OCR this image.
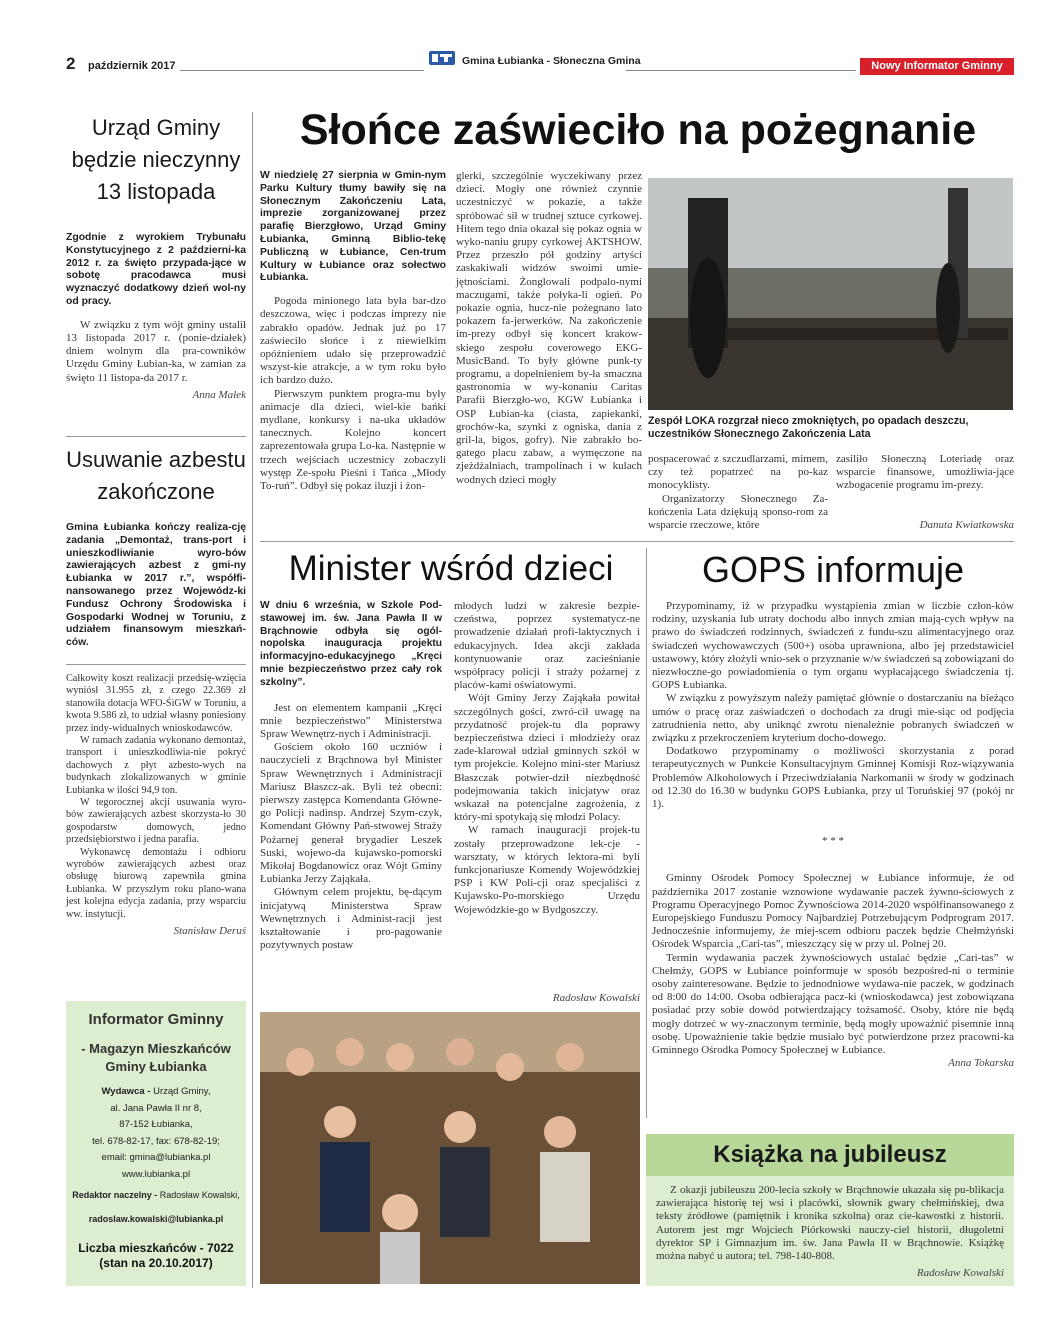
2 październik 2017	Gmina Łubianka - Słoneczna Gmina	Nowy Informator Gminny
Urząd Gminy
będzie nieczynny
13 listopada

Zgodnie z wyrokiem Trybunału Konstytucyjnego z 2 październi-ka 2012 r. za święto przypada-jące w sobotę pracodawca musi wyznaczyć dodatkowy dzień wol-ny od pracy.

W związku z tym wójt gminy ustalił 13 listopada 2017 r. (ponie-działek) dniem wolnym dla pra-cowników Urzędu Gminy Łubian-ka, w zamian za święto 11 listopa-da 2017 r.

Anna Małek

Usuwanie azbestu
zakończone

Gmina Łubianka kończy realiza-cję zadania „Demontaż, trans-port i unieszkodliwianie wyro-bów zawierających azbest z gmi-ny Łubianka w 2017 r.”, współfi-nansowanego przez Wojewódz-ki Fundusz Ochrony Środowiska i Gospodarki Wodnej w Toruniu, z udziałem finansowym mieszkań-ców.

Całkowity koszt realizacji przedsię-wzięcia wyniósł 31.955 zł, z czego 22.369 zł stanowiła dotacja WFO-ŚiGW w Toruniu, a kwota 9.586 zł, to udział własny poniesiony przez indy-widualnych wnioskodawców.

W ramach zadania wykonano demontaż, transport i unieszkodliwia-nie pokryć dachowych z płyt azbesto-wych na budynkach zlokalizowanych w gminie Łubianka w ilości 94,9 ton.

W tegorocznej akcji usuwania wyro-bów zawierających azbest skorzysta-ło 30 gospodarstw domowych, jedno przedsiębiorstwo i jedna parafia.

Wykonawcę demontażu i odbioru wyrobów zawierających azbest oraz obsługę biurową zapewniła gmina Łubianka. W przyszłym roku plano-wana jest kolejna edycja zadania, przy wsparciu ww. instytucji.

Stanisław Deruś

Informator Gminny
- Magazyn Mieszkańców
Gminy Łubianka
Wydawca - Urząd Gminy,
al. Jana Pawła II nr 8,
87-152 Łubianka,
tel. 678-82-17, fax: 678-82-19;
email: gmina@lubianka.pl
www.lubianka.pl
Redaktor naczelny - Radosław Kowalski,
radoslaw.kowalski@lubianka.pl
Liczba mieszkańców - 7022
(stan na 20.10.2017)
Słońce zaświeciło na pożegnanie

W niedzielę 27 sierpnia w Gmin-nym Parku Kultury tłumy bawiły się na Słonecznym Zakończeniu Lata, imprezie zorganizowanej przez parafię Bierzgłowo, Urząd Gminy Łubianka, Gminną Biblio-tekę Publiczną w Łubiance, Cen-trum Kultury w Łubiance oraz sołectwo Łubianka.

Pogoda minionego lata była bar-dzo deszczowa, więc i podczas imprezy nie zabrakło opadów. Jednak już po 17 zaświeciło słońce i z niewielkim opóźnieniem udało się przeprowadzić wszyst-kie atrakcje, a w tym roku było ich bardzo dużo.

Pierwszym punktem progra-mu były animacje dla dzieci, wiel-kie bańki mydlane, konkursy i na-uka układów tanecznych. Kolejno koncert zaprezentowała grupa Lo-ka. Następnie w trzech wejściach uczestnicy zobaczyli występ Ze-społu Pieśni i Tańca „Młody To-ruń”. Odbył się pokaz iluzji i żon-

glerki, szczególnie wyczekiwany przez dzieci. Mogły one również czynnie uczestniczyć w pokazie, a także spróbować sił w trudnej sztuce cyrkowej. Hitem tego dnia okazał się pokaz ognia w wyko-naniu grupy cyrkowej AKTSHOW. Przez przeszło pół godziny artyści zaskakiwali widzów swoimi umie-jętnościami. Żonglowali podpalo-nymi maczugami, także połyka-li ogień. Po pokazie ognia, hucz-nie pożegnano lato pokazem fa-jerwerków. Na zakończenie im-prezy odbył się koncert krakow-skiego zespołu coverowego EKG-MusicBand. To były główne punk-ty programu, a dopełnieniem by-ła smaczna gastronomia w wy-konaniu Caritas Parafii Bierzgło-wo, KGW Łubianka i OSP Łubian-ka (ciasta, zapiekanki, grochów-ka, szynki z ogniska, dania z gril-la, bigos, gofry). Nie zabrakło bo-gatego placu zabaw, a wymęczone na zjeżdżalniach, trampolinach i w kulach wodnych dzieci mogły

Zespół LOKA rozgrzał nieco zmokniętych, po opadach deszczu, uczestników Słonecznego Zakończenia Lata

pospacerować z szczudlarzami, mimem, czy też popatrzeć na po-kaz monocyklisty.

Organizatorzy Słonecznego Za-kończenia Lata dziękują sponso-rom za wsparcie rzeczowe, które

zasiliło Słoneczną Loteriadę oraz wsparcie finansowe, umożliwia-jące wzbogacenie programu im-prezy.

Danuta Kwiatkowska

Minister wśród dzieci

W dniu 6 września, w Szkole Pod-stawowej im. św. Jana Pawła II w Brąchnowie odbyła się ogól-nopolska inauguracja projektu informacyjno-edukacyjnego „Kręci mnie bezpieczeństwo przez cały rok szkolny”.

Jest on elementem kampanii „Kręci mnie bezpieczeństwo” Ministerstwa Spraw Wewnętrz-nych i Administracji.

Gościem około 160 uczniów i nauczycieli z Brąchnowa był Minister Spraw Wewnętrznych i Administracji Mariusz Błaszcz-ak. Byli też obecni: pierwszy zastępca Komendanta Główne-go Policji nadinsp. Andrzej Szym-czyk, Komendant Główny Pań-stwowej Straży Pożarnej generał brygadier Leszek Suski, wojewo-da kujawsko-pomorski Mikołaj Bogdanowicz oraz Wójt Gminy Łubianka Jerzy Zająkała.

Głównym celem projektu, bę-dącym inicjatywą Ministerstwa Spraw Wewnętrznych i Administ-racji jest kształtowanie i pro-pagowanie pozytywnych postaw

młodych ludzi w zakresie bezpie-czeństwa, poprzez systematycz-ne prowadzenie działań profi-laktycznych i edukacyjnych. Idea akcji zakłada kontynuowanie oraz zacieśnianie współpracy policji i straży pożarnej z placów-kami oświatowymi.

Wójt Gminy Jerzy Zająkała powitał szczególnych gości, zwró-cił uwagę na przydatność projek-tu dla poprawy bezpieczeństwa dzieci i młodzieży oraz zade-klarował udział gminnych szkół w tym projekcie. Kolejno mini-ster Mariusz Błaszczak potwier-dził niezbędność podejmowania takich inicjatyw oraz wskazał na potencjalne zagrożenia, z który-mi spotykają się młodzi Polacy.

W ramach inauguracji projek-tu zostały przeprowadzone lek-cje - warsztaty, w których lektora-mi byli funkcjonariusze Komendy Wojewódzkiej PSP i KW Poli-cji oraz specjaliści z Kujawsko-Po-morskiego Urzędu Wojewódzkie-go w Bydgoszczy.

Radosław Kowalski

GOPS informuje

Przypominamy, iż w przypadku wystąpienia zmian w liczbie człon-ków rodziny, uzyskania lub utraty dochodu albo innych zmian mają-cych wpływ na prawo do świadczeń rodzinnych, świadczeń z fundu-szu alimentacyjnego oraz świadczeń wychowawczych (500+) osoba uprawniona, albo jej przedstawiciel ustawowy, który złożyli wnio-sek o przyznanie w/w świadczeń są zobowiązani do niezwłoczne-go powiadomienia o tym organu wypłacającego świadczenia tj. GOPS Łubianka.

W związku z powyższym należy pamiętać głównie o dostarczaniu na bieżąco umów o pracę oraz zaświadczeń o dochodach za drugi mie-siąc od podjęcia zatrudnienia netto, aby uniknąć zwrotu nienależnie pobranych świadczeń w związku z przekroczeniem kryterium docho-dowego.

Dodatkowo przypominamy o możliwości skorzystania z porad terapeutycznych w Punkcie Konsultacyjnym Gminnej Komisji Roz-wiązywania Problemów Alkoholowych i Przeciwdziałania Narkomanii w środy w godzinach od 12.30 do 16.30 w budynku GOPS Łubianka, przy ul Toruńskiej 97 (pokój nr 1).

* * *

Gminny Ośrodek Pomocy Społecznej w Łubiance informuje, że od października 2017 zostanie wznowione wydawanie paczek żywno-ściowych z Programu Operacyjnego Pomoc Żywnościowa 2014-2020 współfinansowanego z Europejskiego Funduszu Pomocy Najbardziej Potrzebującym Podprogram 2017. Jednocześnie informujemy, że miej-scem odbioru paczek będzie Chełmżyński Ośrodek Wsparcia „Cari-tas”, mieszczący się w przy ul. Polnej 20.

Termin wydawania paczek żywnościowych ustalać będzie „Cari-tas” w Chełmży, GOPS w Łubiance poinformuje w sposób bezpośred-ni o terminie osoby zainteresowane. Będzie to jednodniowe wydawa-nie paczek, w godzinach od 8:00 do 14:00. Osoba odbierająca pacz-ki (wnioskodawca) jest zobowiązana posiadać przy sobie dowód potwierdzający tożsamość. Osoby, które nie będą mogły dotrzeć w wy-znaczonym terminie, będą mogły upoważnić pisemnie inną osobę. Upoważnienie takie będzie musiało być potwierdzone przez pracowni-ka Gminnego Ośrodka Pomocy Społecznej w Łubiance.

Anna Tokarska

Książka na jubileusz

Z okazji jubileuszu 200-lecia szkoły w Brąchnowie ukazała się pu-blikacja zawierająca historię tej wsi i placówki, słownik gwary chełmińskiej, dwa teksty źródłowe (pamiętnik i kronika szkolna) oraz cie-kawostki z historii. Autorem jest mgr Wojciech Piórkowski nauczy-ciel historii, długoletni dyrektor SP i Gimnazjum im. św. Jana Pawła II w Brąchnowie. Książkę można nabyć u autora; tel. 798-140-808.

Radosław Kowalski
